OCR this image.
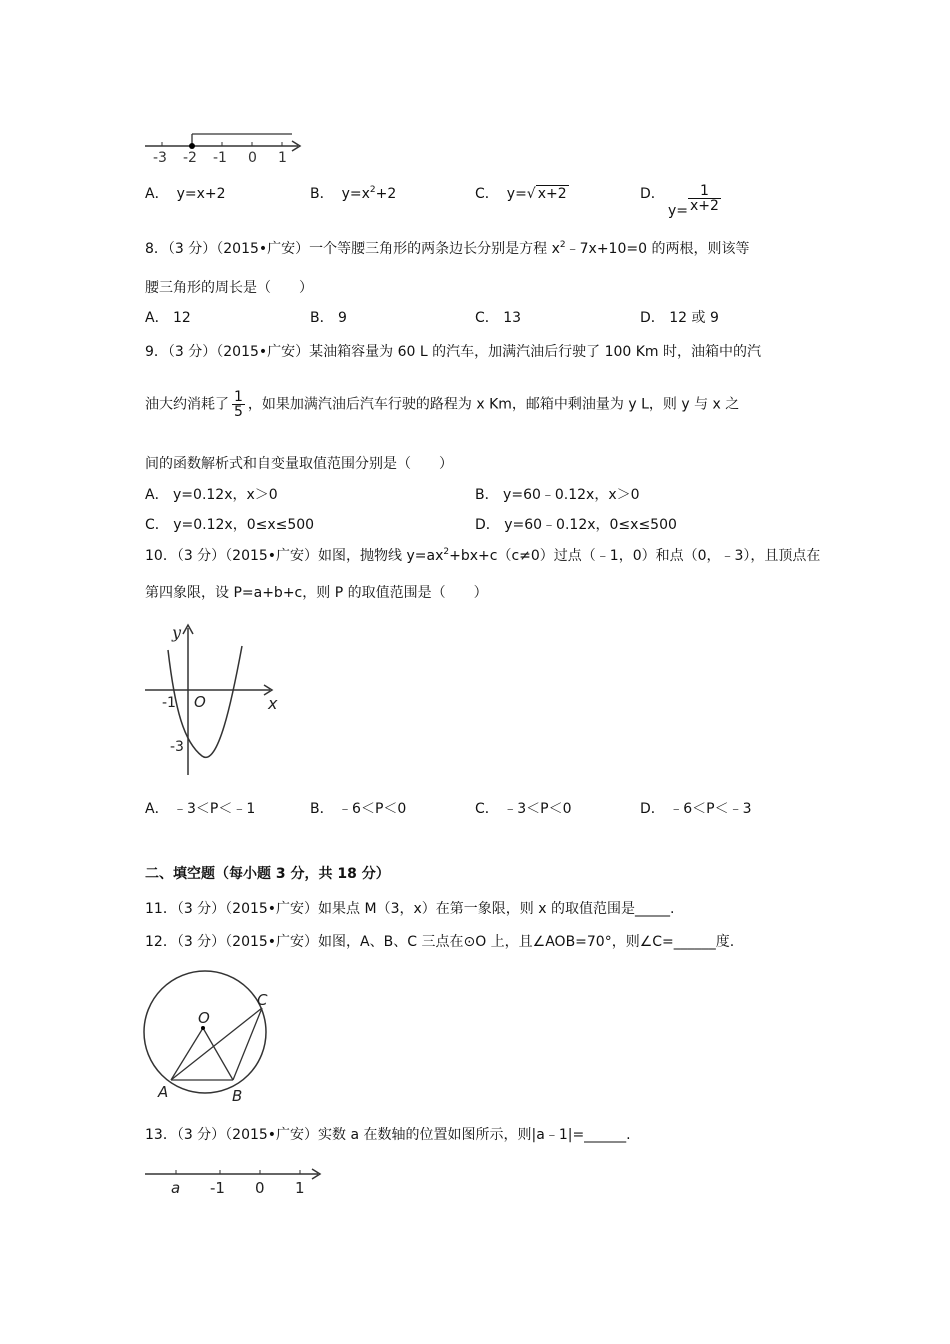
-3 -2 -1 0 1
A． y=x+2	B． $y=x^2+2$	C． y=√ x+2	D．
$y= \frac{1}{x+2}$
8．（3 分）（2015•广安）一个等腰三角形的两条边长分别是方程 $x^2﹣7x+10=0$ 的两根，则该等
腰三角形的周长是（　　）
A． 12	B． 9	C． 13	D． 12 或 9
9．（3 分）（2015•广安）某油箱容量为 60 L 的汽车，加满汽油后行驶了 100 Km 时，油箱中的汽
油大约消耗了 $\frac{1}{5}$ ，如果加满汽油后汽车行驶的路程为 x Km，邮箱中剩油量为 y L，则 y 与 x 之
间的函数解析式和自变量取值范围分别是（　　）
A． y=0.12x，x＞0	B． y=60﹣0.12x，x＞0
C． y=0.12x，0≤x≤500	D． y=60﹣0.12x，0≤x≤500
10．（3 分）（2015•广安）如图，抛物线 $y=ax^2+bx+c(c\ne 0)$过点（﹣1，0）和点（0，﹣3），且顶点在
第四象限，设 P=a+b+c，则 P 的取值范围是（　　）
y
x
O
-1
-3
A． ﹣3＜P＜﹣1	B． ﹣6＜P＜0	C． ﹣3＜P＜0	D． ﹣6＜P＜﹣3
二、填空题（每小题 3 分，共 18 分）
11．（3 分）（2015•广安）如果点 M（3，x）在第一象限，则 x 的取值范围是_____.
12．（3 分）（2015•广安）如图，A、B、C 三点在⊙O 上，且∠AOB=70°，则∠C=______度.
O
A	B
C
13．（3 分）（2015•广安）实数 a 在数轴的位置如图所示，则|a﹣1|=______.
a -1 0 1
